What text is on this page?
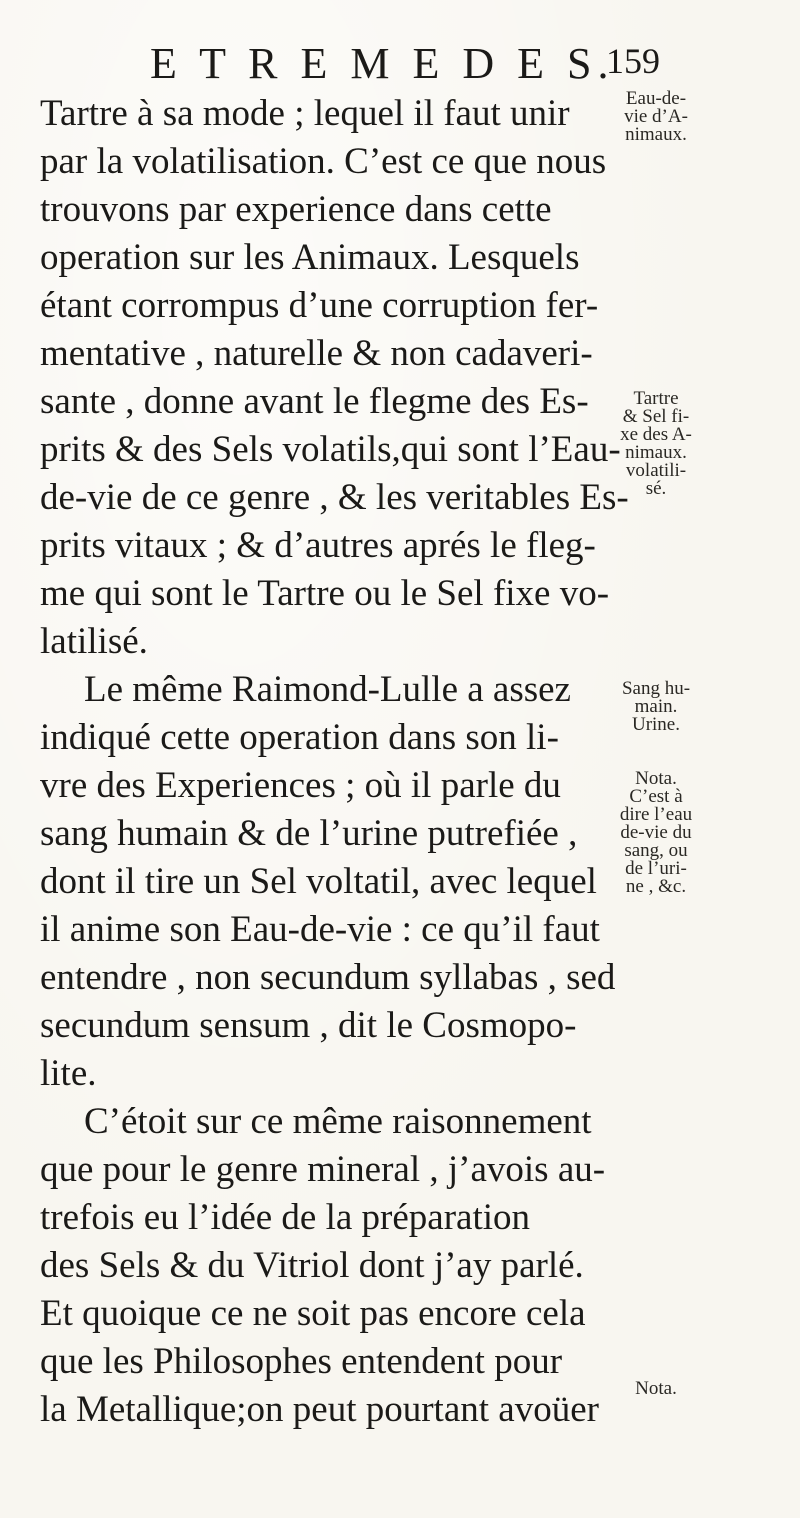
E T R E M E D E S.
159
Tartre à sa mode ; lequel il faut unir
par la volatilisation. C’est ce que nous
trouvons par experience dans cette
operation sur les Animaux. Lesquels
étant corrompus d’une corruption fer-
mentative , naturelle & non cadaveri-
sante , donne avant le flegme des Es-
prits & des Sels volatils,qui sont l’Eau-
de-vie de ce genre , & les veritables Es-
prits vitaux ; & d’autres aprés le fleg-
me qui sont le Tartre ou le Sel fixe vo-
latilisé.
Le même Raimond-Lulle a assez
indiqué cette operation dans son li-
vre des Experiences ; où il parle du
sang humain & de l’urine putrefiée ,
dont il tire un Sel voltatil, avec lequel
il anime son Eau-de-vie : ce qu’il faut
entendre , non secundum syllabas , sed
secundum sensum , dit le Cosmopo-
lite.
C’étoit sur ce même raisonnement
que pour le genre mineral , j’avois au-
trefois eu l’idée de la préparation
des Sels & du Vitriol dont j’ay parlé.
Et quoique ce ne soit pas encore cela
que les Philosophes entendent pour
la Metallique;on peut pourtant avoüer
Eau-de-
vie d’A-
nimaux.
Tartre
& Sel fi-
xe des A-
nimaux.
volatili-
sé.
Sang hu-
main.
Urine.
Nota.
C’est à
dire l’eau
de-vie du
sang, ou
de l’uri-
ne , &c.
Nota.
